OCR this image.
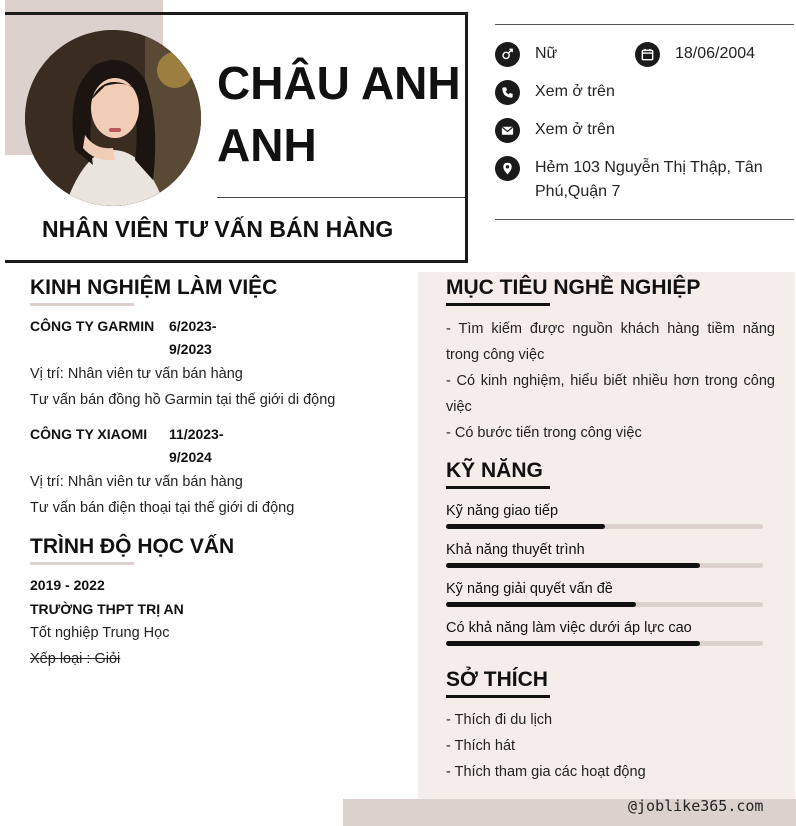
CHÂU ANH ANH
NHÂN VIÊN TƯ VẤN BÁN HÀNG
Nữ	18/06/2004
Xem ở trên
Xem ở trên
Hẻm 103 Nguyễn Thị Thập, Tân Phú,Quận 7
@joblike365.com
KINH NGHIỆM LÀM VIỆC
CÔNG TY GARMIN 6/2023-
9/2023
Vị trí: Nhân viên tư vấn bán hàng
Tư vấn bán đồng hồ Garmin tại thế giới di động
CÔNG TY XIAOMI 11/2023-
9/2024
Vị trí: Nhân viên tư vấn bán hàng
Tư vấn bán điện thoại tại thế giới di động
TRÌNH ĐỘ HỌC VẤN
2019 - 2022
TRƯỜNG THPT TRỊ AN
Tốt nghiệp Trung Học
Xếp loại : Giỏi
MỤC TIÊU NGHỀ NGHIỆP
- Tìm kiếm được nguồn khách hàng tiềm năng trong công việc
- Có kinh nghiệm, hiểu biết nhiều hơn trong công việc
- Có bước tiến trong công việc
KỸ NĂNG
Kỹ năng giao tiếp
Khả năng thuyết trình
Kỹ năng giải quyết vấn đề
Có khả năng làm việc dưới áp lực cao
SỞ THÍCH
- Thích đi du lịch
- Thích hát
- Thích tham gia các hoạt động
